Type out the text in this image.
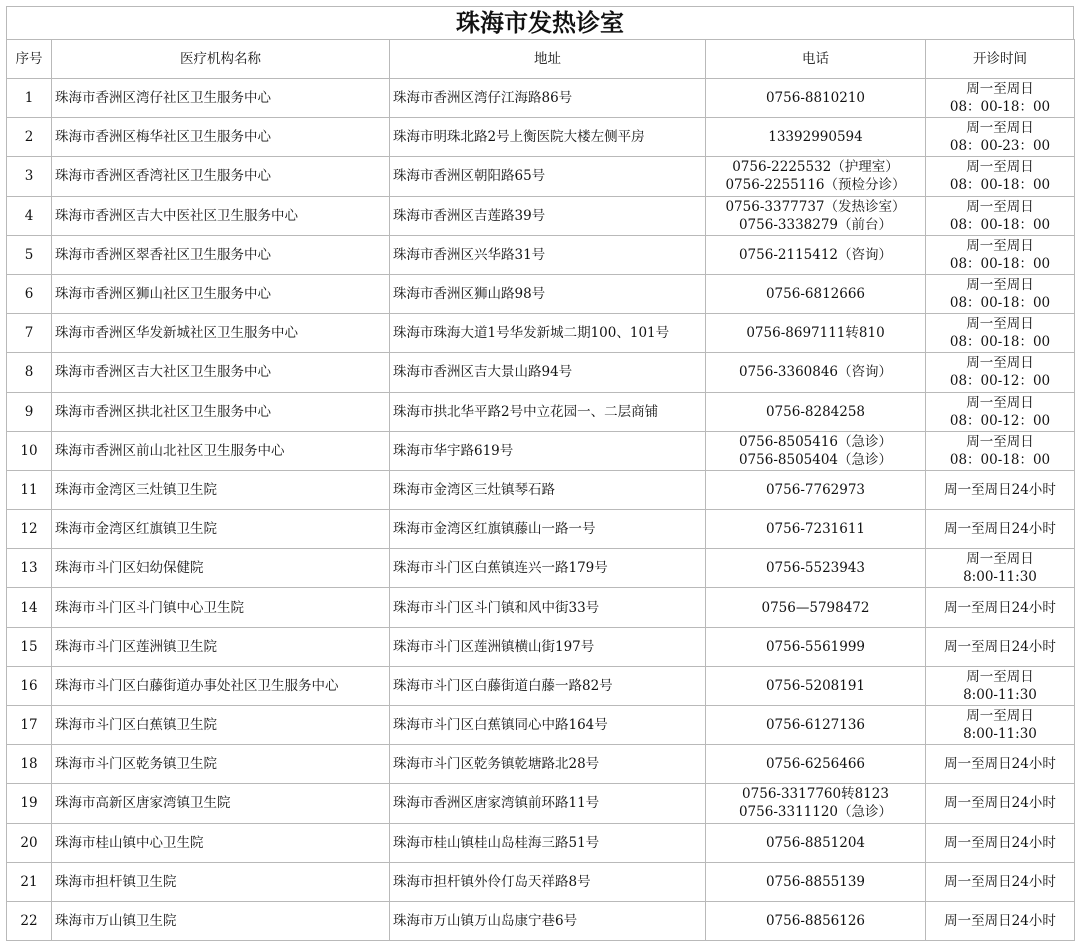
珠海市发热诊室
序号	医疗机构名称	地址	电话	开诊时间
1	珠海市香洲区湾仔社区卫生服务中心	珠海市香洲区湾仔江海路86号	0756-8810210	周一至周日
08：00-18：00

2	珠海市香洲区梅华社区卫生服务中心	珠海市明珠北路2号上衡医院大楼左侧平房	13392990594	周一至周日
08：00-23：00

3	珠海市香洲区香湾社区卫生服务中心	珠海市香洲区朝阳路65号	0756-2225532（护理室）
0756-2255116（预检分诊）	周一至周日
08：00-18：00

4	珠海市香洲区吉大中医社区卫生服务中心	珠海市香洲区吉莲路39号	0756-3377737（发热诊室）
0756-3338279（前台）	周一至周日
08：00-18：00

5	珠海市香洲区翠香社区卫生服务中心	珠海市香洲区兴华路31号	0756-2115412（咨询）	周一至周日
08：00-18：00

6	珠海市香洲区狮山社区卫生服务中心	珠海市香洲区狮山路98号	0756-6812666	周一至周日
08：00-18：00

7	珠海市香洲区华发新城社区卫生服务中心	珠海市珠海大道1号华发新城二期100、101号	0756-8697111转810	周一至周日
08：00-18：00

8	珠海市香洲区吉大社区卫生服务中心	珠海市香洲区吉大景山路94号	0756-3360846（咨询）	周一至周日
08：00-12：00

9	珠海市香洲区拱北社区卫生服务中心	珠海市拱北华平路2号中立花园一、二层商铺	0756-8284258	周一至周日
08：00-12：00

10	珠海市香洲区前山北社区卫生服务中心	珠海市华宇路619号	0756-8505416（急诊）
0756-8505404（急诊）	周一至周日
08：00-18：00

11	珠海市金湾区三灶镇卫生院	珠海市金湾区三灶镇琴石路	0756-7762973	周一至周日24小时

12	珠海市金湾区红旗镇卫生院	珠海市金湾区红旗镇藤山一路一号	0756-7231611	周一至周日24小时

13	珠海市斗门区妇幼保健院	珠海市斗门区白蕉镇连兴一路179号	0756-5523943	周一至周日
8:00-11:30

14	珠海市斗门区斗门镇中心卫生院	珠海市斗门区斗门镇和风中街33号	0756—5798472	周一至周日24小时

15	珠海市斗门区莲洲镇卫生院	珠海市斗门区莲洲镇横山街197号	0756-5561999	周一至周日24小时

16	珠海市斗门区白藤街道办事处社区卫生服务中心	珠海市斗门区白藤街道白藤一路82号	0756-5208191	周一至周日
8:00-11:30

17	珠海市斗门区白蕉镇卫生院	珠海市斗门区白蕉镇同心中路164号	0756-6127136	周一至周日
8:00-11:30

18	珠海市斗门区乾务镇卫生院	珠海市斗门区乾务镇乾塘路北28号	0756-6256466	周一至周日24小时

19	珠海市高新区唐家湾镇卫生院	珠海市香洲区唐家湾镇前环路11号	0756-3317760转8123
0756-3311120（急诊）	周一至周日24小时

20	珠海市桂山镇中心卫生院	珠海市桂山镇桂山岛桂海三路51号	0756-8851204	周一至周日24小时

21	珠海市担杆镇卫生院	珠海市担杆镇外伶仃岛天祥路8号	0756-8855139	周一至周日24小时

22	珠海市万山镇卫生院	珠海市万山镇万山岛康宁巷6号	0756-8856126	周一至周日24小时
